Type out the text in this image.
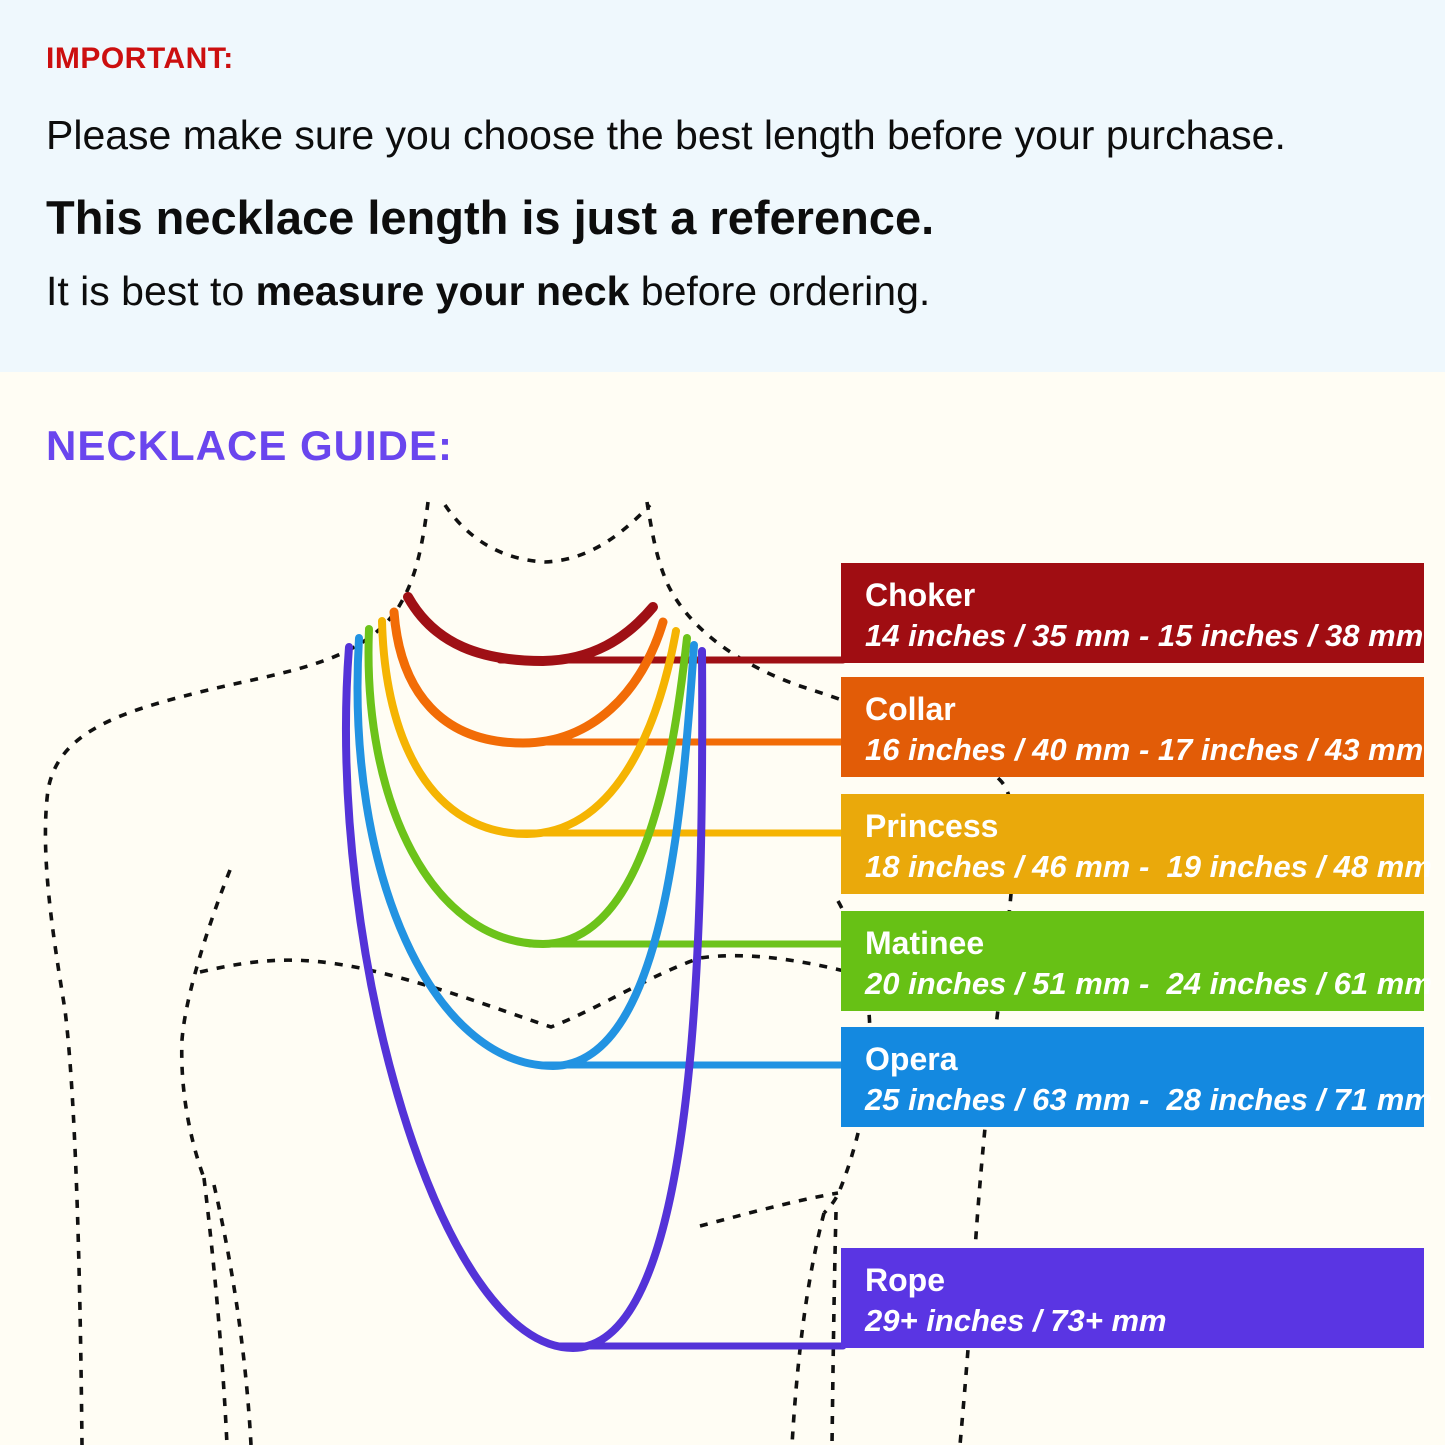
IMPORTANT:
Please make sure you choose the best length before your purchase.
This necklace length is just a reference.
It is best to measure your neck before ordering.
NECKLACE GUIDE:
Choker
14 inches / 35 mm - 15 inches / 38 mm
Collar
16 inches / 40 mm - 17 inches / 43 mm
Princess
18 inches / 46 mm -  19 inches / 48 mm
Matinee
20 inches / 51 mm -  24 inches / 61 mm
Opera
25 inches / 63 mm -  28 inches / 71 mm
Rope
29+ inches / 73+ mm
